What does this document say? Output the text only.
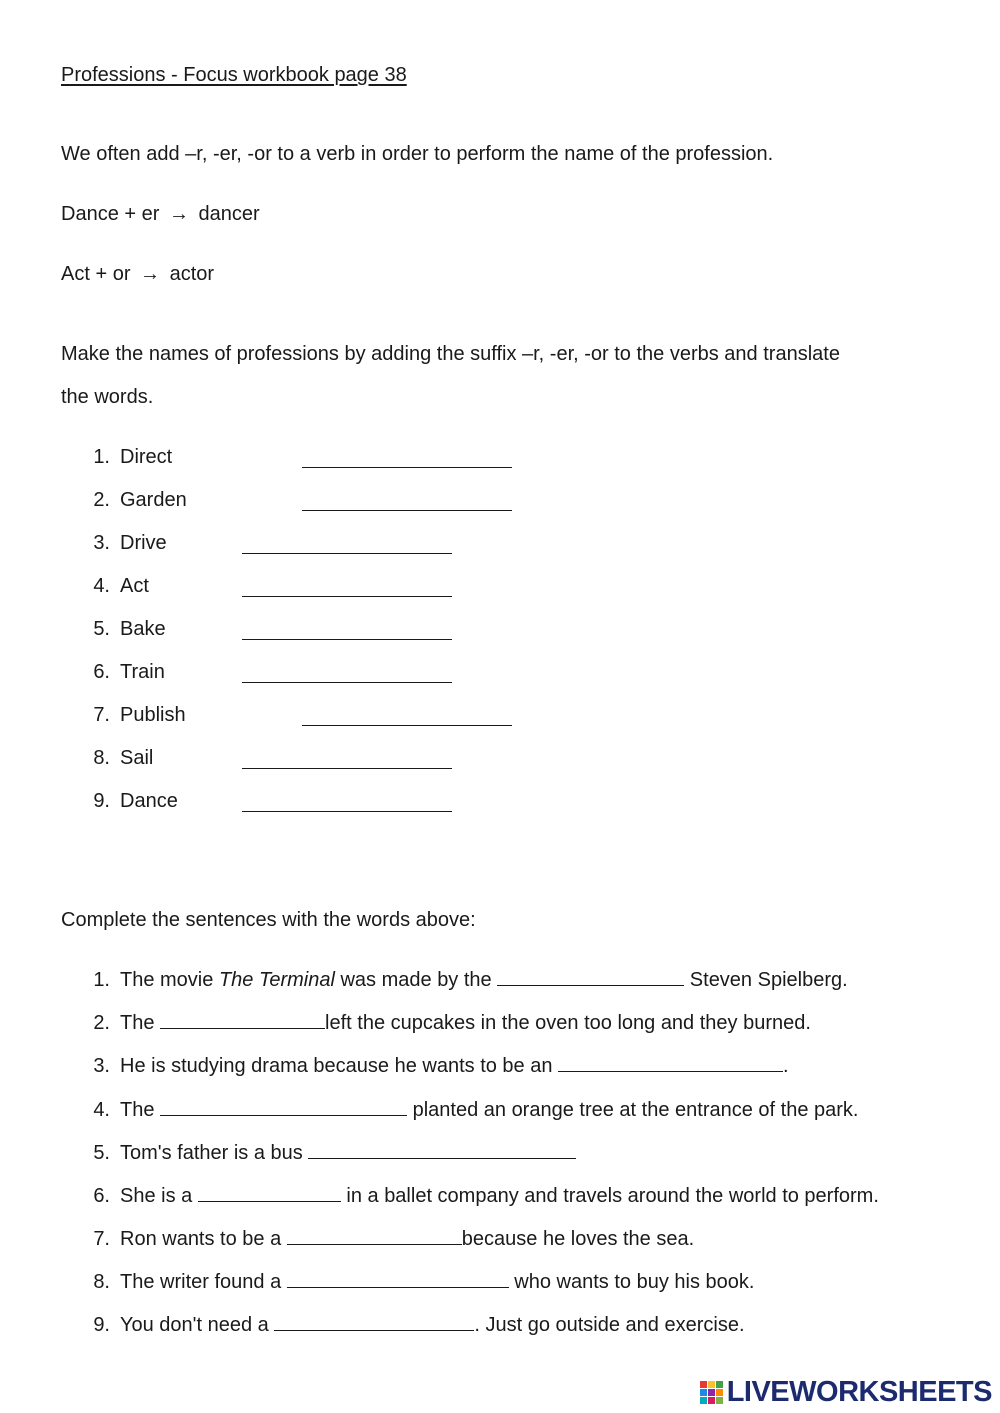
Professions - Focus workbook page 38
We often add –r, -er, -or to a verb in order to perform the name of the profession.
Dance + er → dancer
Act + or → actor
Make the names of professions by adding the suffix –r, -er, -or to the verbs and translate
the words.
1. Direct
2. Garden
3. Drive
4. Act
5. Bake
6. Train
7. Publish
8. Sail
9. Dance
Complete the sentences with the words above:
1. The movie The Terminal was made by the	Steven Spielberg.
2. The	left the cupcakes in the oven too long and they burned.
3. He is studying drama because he wants to be an	.
4. The	planted an orange tree at the entrance of the park.
5. Tom's father is a bus
6. She is a	in a ballet company and travels around the world to perform.
7. Ron wants to be a	because he loves the sea.
8. The writer found a	who wants to buy his book.
9. You don't need a	. Just go outside and exercise.
LIVEWORKSHEETS
